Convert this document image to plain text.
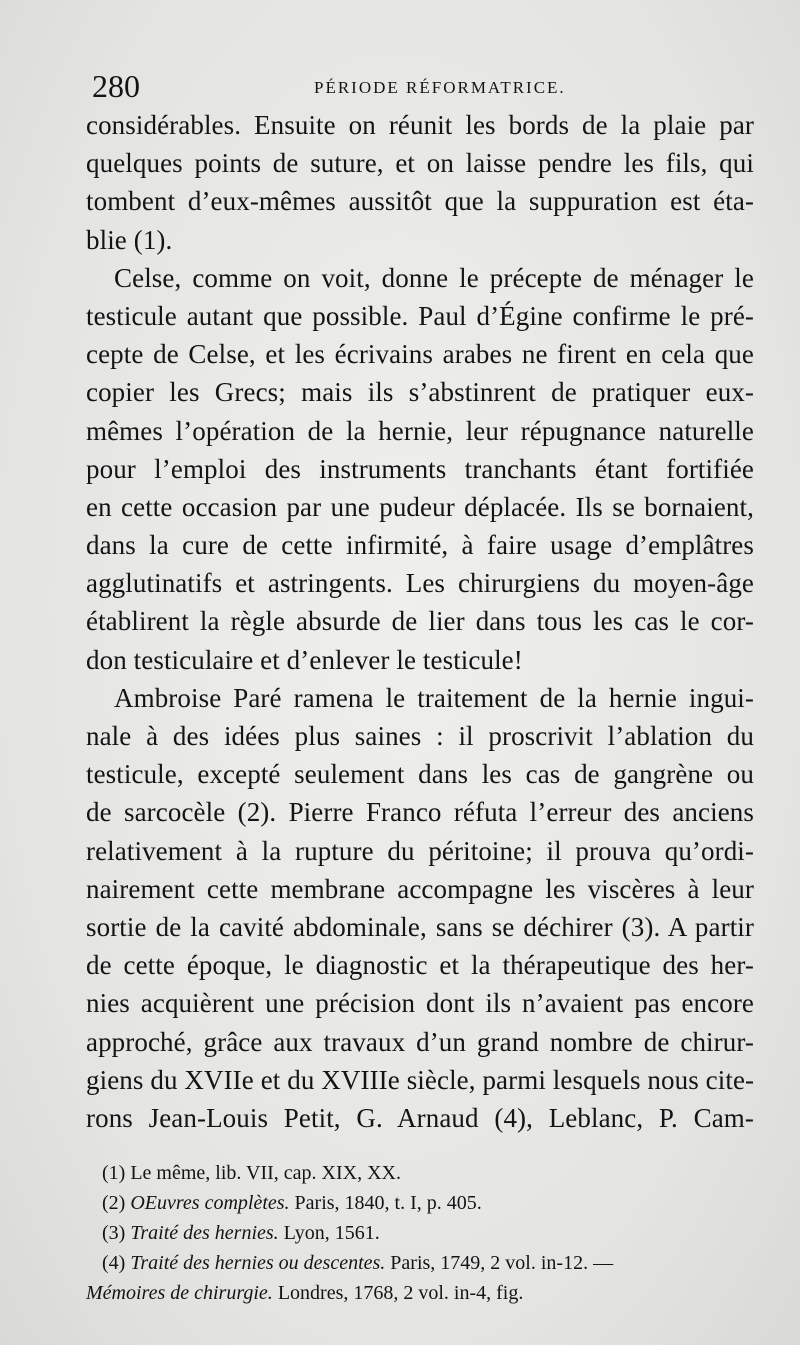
280	PÉRIODE RÉFORMATRICE.
considérables. Ensuite on réunit les bords de la plaie par
quelques points de suture, et on laisse pendre les fils, qui
tombent d’eux-mêmes aussitôt que la suppuration est éta-
blie (1).
Celse, comme on voit, donne le précepte de ménager le
testicule autant que possible. Paul d’Égine confirme le pré-
cepte de Celse, et les écrivains arabes ne firent en cela que
copier les Grecs; mais ils s’abstinrent de pratiquer eux-
mêmes l’opération de la hernie, leur répugnance naturelle
pour l’emploi des instruments tranchants étant fortifiée
en cette occasion par une pudeur déplacée. Ils se bornaient,
dans la cure de cette infirmité, à faire usage d’emplâtres
agglutinatifs et astringents. Les chirurgiens du moyen-âge
établirent la règle absurde de lier dans tous les cas le cor-
don testiculaire et d’enlever le testicule!
Ambroise Paré ramena le traitement de la hernie ingui-
nale à des idées plus saines : il proscrivit l’ablation du
testicule, excepté seulement dans les cas de gangrène ou
de sarcocèle (2). Pierre Franco réfuta l’erreur des anciens
relativement à la rupture du péritoine; il prouva qu’ordi-
nairement cette membrane accompagne les viscères à leur
sortie de la cavité abdominale, sans se déchirer (3). A partir
de cette époque, le diagnostic et la thérapeutique des her-
nies acquièrent une précision dont ils n’avaient pas encore
approché, grâce aux travaux d’un grand nombre de chirur-
giens du XVIIe et du XVIIIe siècle, parmi lesquels nous cite-
rons Jean-Louis Petit, G. Arnaud (4), Leblanc, P. Cam-
(1) Le même, lib. VII, cap. XIX, XX.
(2) OEuvres complètes. Paris, 1840, t. I, p. 405.
(3) Traité des hernies. Lyon, 1561.
(4) Traité des hernies ou descentes. Paris, 1749, 2 vol. in-12. —
Mémoires de chirurgie. Londres, 1768, 2 vol. in-4, fig.
